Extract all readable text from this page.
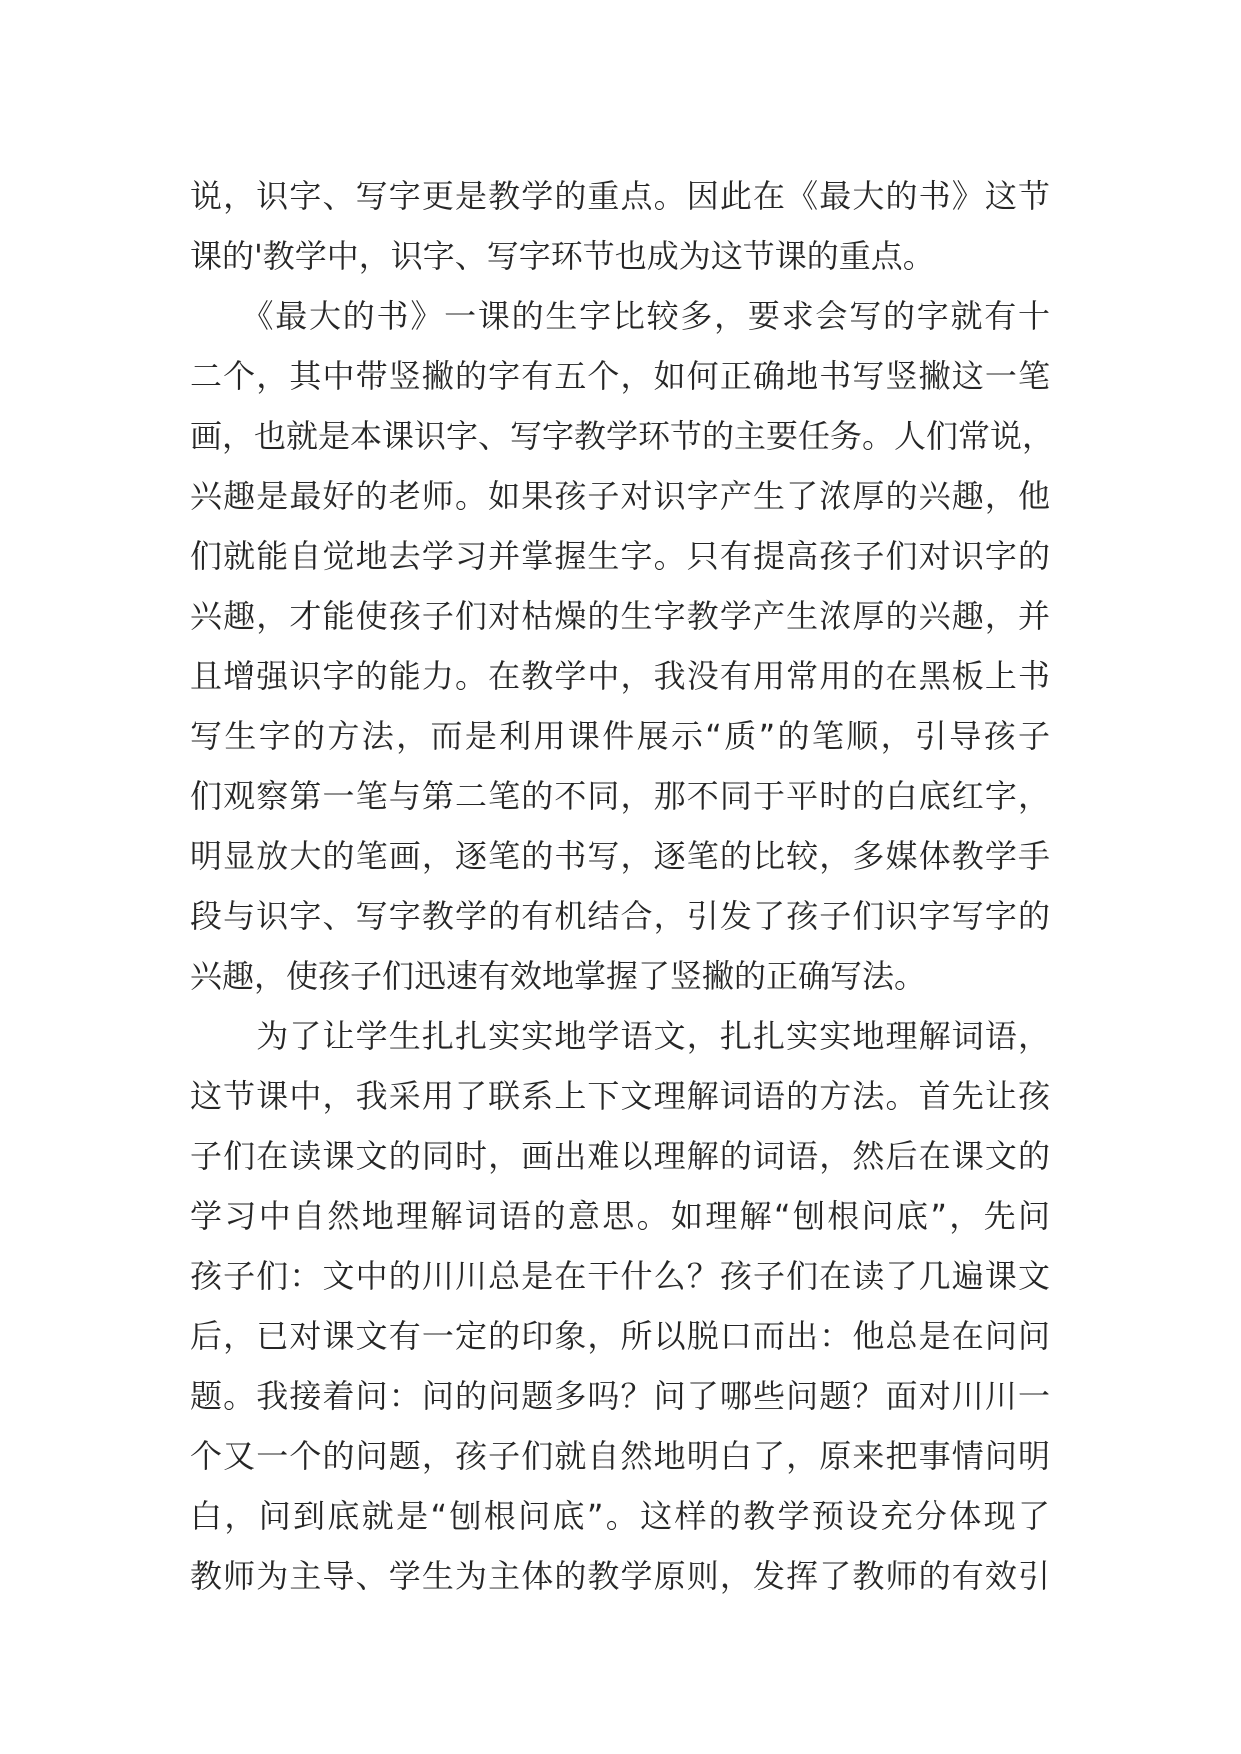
说，识字、写字更是教学的重点。因此在《最大的书》这节
课的'教学中，识字、写字环节也成为这节课的重点。
　　《最大的书》一课的生字比较多，要求会写的字就有十
二个，其中带竖撇的字有五个，如何正确地书写竖撇这一笔
画，也就是本课识字、写字教学环节的主要任务。人们常说，
兴趣是最好的老师。如果孩子对识字产生了浓厚的兴趣，他
们就能自觉地去学习并掌握生字。只有提高孩子们对识字的
兴趣，才能使孩子们对枯燥的生字教学产生浓厚的兴趣，并
且增强识字的能力。在教学中，我没有用常用的在黑板上书
写生字的方法，而是利用课件展示“质”的笔顺，引导孩子
们观察第一笔与第二笔的不同，那不同于平时的白底红字，
明显放大的笔画，逐笔的书写，逐笔的比较，多媒体教学手
段与识字、写字教学的有机结合，引发了孩子们识字写字的
兴趣，使孩子们迅速有效地掌握了竖撇的正确写法。
　　为了让学生扎扎实实地学语文，扎扎实实地理解词语，
这节课中，我采用了联系上下文理解词语的方法。首先让孩
子们在读课文的同时，画出难以理解的词语，然后在课文的
学习中自然地理解词语的意思。如理解“刨根问底”，先问
孩子们：文中的川川总是在干什么？孩子们在读了几遍课文
后，已对课文有一定的印象，所以脱口而出：他总是在问问
题。我接着问：问的问题多吗？问了哪些问题？面对川川一
个又一个的问题，孩子们就自然地明白了，原来把事情问明
白，问到底就是“刨根问底”。这样的教学预设充分体现了
教师为主导、学生为主体的教学原则，发挥了教师的有效引
